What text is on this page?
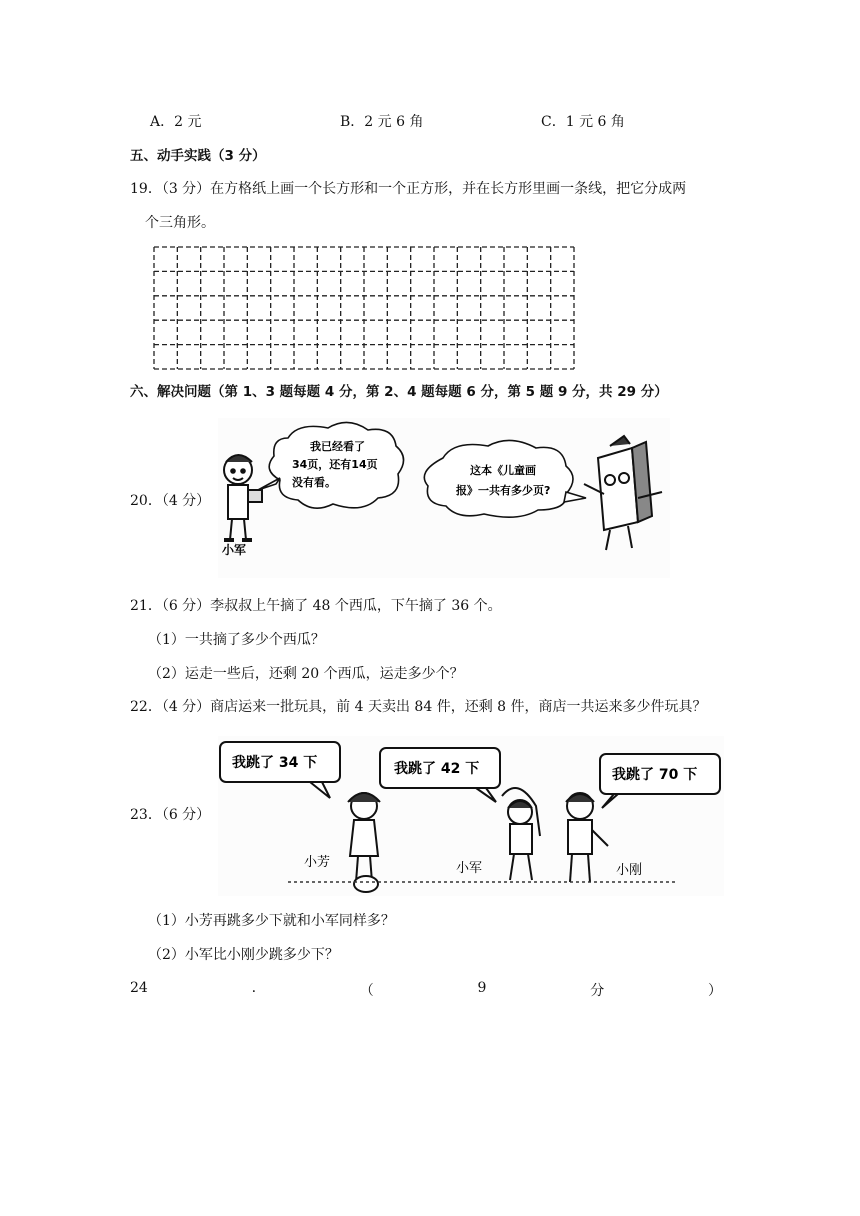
A．2 元	B．2 元 6 角	C．1 元 6 角
五、动手实践（3 分）
19．（3 分）在方格纸上画一个长方形和一个正方形，并在长方形里画一条线，把它分成两
个三角形。
六、解决问题（第 1、3 题每题 4 分，第 2、4 题每题 6 分，第 5 题 9 分，共 29 分）
20．（4 分）
小军
我已经看了
34页，还有14页
没有看。
这本《儿童画
报》一共有多少页?
21．（6 分）李叔叔上午摘了 48 个西瓜，下午摘了 36 个。
（1）一共摘了多少个西瓜？
（2）运走一些后，还剩 20 个西瓜，运走多少个？
22．（4 分）商店运来一批玩具，前 4 天卖出 84 件，还剩 8 件，商店一共运来多少件玩具？
23．（6 分）
我跳了 34 下	我跳了 42 下	我跳了 70 下
小芳	小军	小刚
（1）小芳再跳多少下就和小军同样多？
（2）小军比小刚少跳多少下？
24	.	（	9	分	）
